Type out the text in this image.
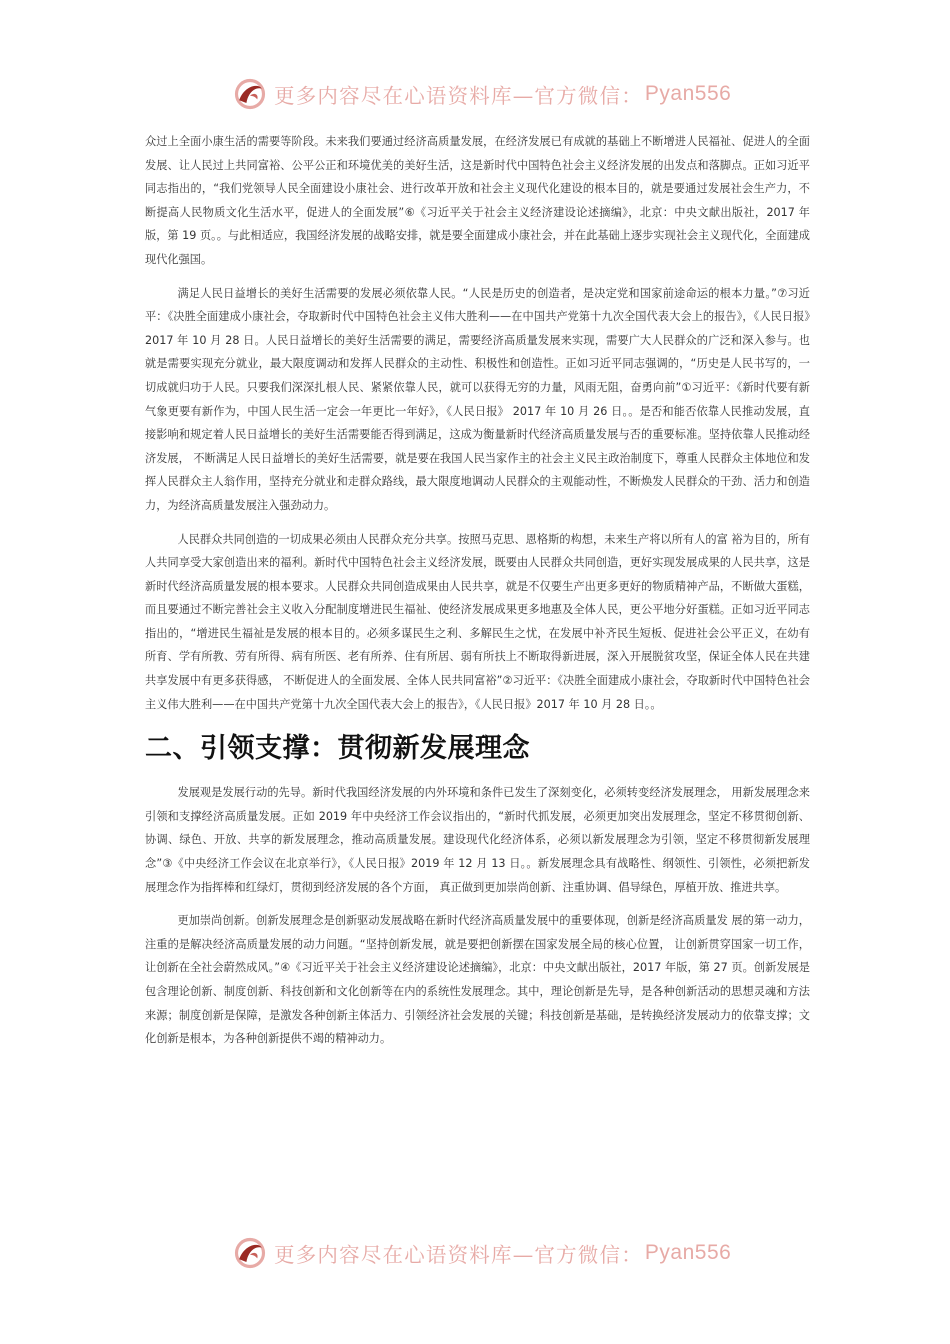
更多内容尽在心语资料库—官方微信： Pyan556

众过上全面小康生活的需要等阶段。未来我们要通过经济高质量发展，在经济发展已有成就的基础上不断增进人民福祉、促进人的全面发展、让人民过上共同富裕、公平公正和环境优美的美好生活，这是新时代中国特色社会主义经济发展的出发点和落脚点。正如习近平同志指出的，“我们党领导人民全面建设小康社会、进行改革开放和社会主义现代化建设的根本目的，就是要通过发展社会生产力，不断提高人民物质文化生活水平，促进人的全面发展”⑥《习近平关于社会主义经济建设论述摘编》，北京：中央文献出版社，2017 年版，第 19 页。。与此相适应，我国经济发展的战略安排，就是要全面建成小康社会，并在此基础上逐步实现社会主义现代化，全面建成现代化强国。

满足人民日益增长的美好生活需要的发展必须依靠人民。“人民是历史的创造者，是决定党和国家前途命运的根本力量。”⑦习近平：《决胜全面建成小康社会，夺取新时代中国特色社会主义伟大胜利——在中国共产党第十九次全国代表大会上的报告》，《人民日报》2017 年 10 月 28 日。人民日益增长的美好生活需要的满足，需要经济高质量发展来实现，需要广大人民群众的广泛和深入参与。也就是需要实现充分就业，最大限度调动和发挥人民群众的主动性、积极性和创造性。正如习近平同志强调的，“历史是人民书写的，一切成就归功于人民。只要我们深深扎根人民、紧紧依靠人民，就可以获得无穷的力量，风雨无阻，奋勇向前”①习近平：《新时代要有新气象更要有新作为，中国人民生活一定会一年更比一年好》，《人民日报》 2017 年 10 月 26 日。。是否和能否依靠人民推动发展，直接影响和规定着人民日益增长的美好生活需要能否得到满足，这成为衡量新时代经济高质量发展与否的重要标准。坚持依靠人民推动经济发展， 不断满足人民日益增长的美好生活需要，就是要在我国人民当家作主的社会主义民主政治制度下，尊重人民群众主体地位和发挥人民群众主人翁作用，坚持充分就业和走群众路线，最大限度地调动人民群众的主观能动性，不断焕发人民群众的干劲、活力和创造力，为经济高质量发展注入强劲动力。

人民群众共同创造的一切成果必须由人民群众充分共享。按照马克思、恩格斯的构想，未来生产将以所有人的富 裕为目的，所有人共同享受大家创造出来的福利。新时代中国特色社会主义经济发展，既要由人民群众共同创造，更好实现发展成果的人民共享，这是新时代经济高质量发展的根本要求。人民群众共同创造成果由人民共享，就是不仅要生产出更多更好的物质精神产品，不断做大蛋糕，而且要通过不断完善社会主义收入分配制度增进民生福祉、使经济发展成果更多地惠及全体人民，更公平地分好蛋糕。正如习近平同志指出的，“增进民生福祉是发展的根本目的。必须多谋民生之利、多解民生之忧，在发展中补齐民生短板、促进社会公平正义，在幼有所育、学有所教、劳有所得、病有所医、老有所养、住有所居、弱有所扶上不断取得新进展，深入开展脱贫攻坚，保证全体人民在共建共享发展中有更多获得感， 不断促进人的全面发展、全体人民共同富裕”②习近平：《决胜全面建成小康社会，夺取新时代中国特色社会主义伟大胜利——在中国共产党第十九次全国代表大会上的报告》，《人民日报》2017 年 10 月 28 日。。

二、引领支撑：贯彻新发展理念

发展观是发展行动的先导。新时代我国经济发展的内外环境和条件已发生了深刻变化，必须转变经济发展理念， 用新发展理念来引领和支撑经济高质量发展。正如 2019 年中央经济工作会议指出的，“新时代抓发展，必须更加突出发展理念，坚定不移贯彻创新、协调、绿色、开放、共享的新发展理念，推动高质量发展。建设现代化经济体系，必须以新发展理念为引领，坚定不移贯彻新发展理念”③《中央经济工作会议在北京举行》，《人民日报》2019 年 12 月 13 日。。新发展理念具有战略性、纲领性、引领性，必须把新发展理念作为指挥棒和红绿灯，贯彻到经济发展的各个方面， 真正做到更加崇尚创新、注重协调、倡导绿色，厚植开放、推进共享。

更加崇尚创新。创新发展理念是创新驱动发展战略在新时代经济高质量发展中的重要体现，创新是经济高质量发 展的第一动力，注重的是解决经济高质量发展的动力问题。“坚持创新发展，就是要把创新摆在国家发展全局的核心位置， 让创新贯穿国家一切工作，让创新在全社会蔚然成风。”④《习近平关于社会主义经济建设论述摘编》，北京：中央文献出版社，2017 年版，第 27 页。创新发展是包含理论创新、制度创新、科技创新和文化创新等在内的系统性发展理念。其中，理论创新是先导，是各种创新活动的思想灵魂和方法来源；制度创新是保障，是激发各种创新主体活力、引领经济社会发展的关键；科技创新是基础，是转换经济发展动力的依靠支撑；文化创新是根本，为各种创新提供不竭的精神动力。

更多内容尽在心语资料库—官方微信： Pyan556
